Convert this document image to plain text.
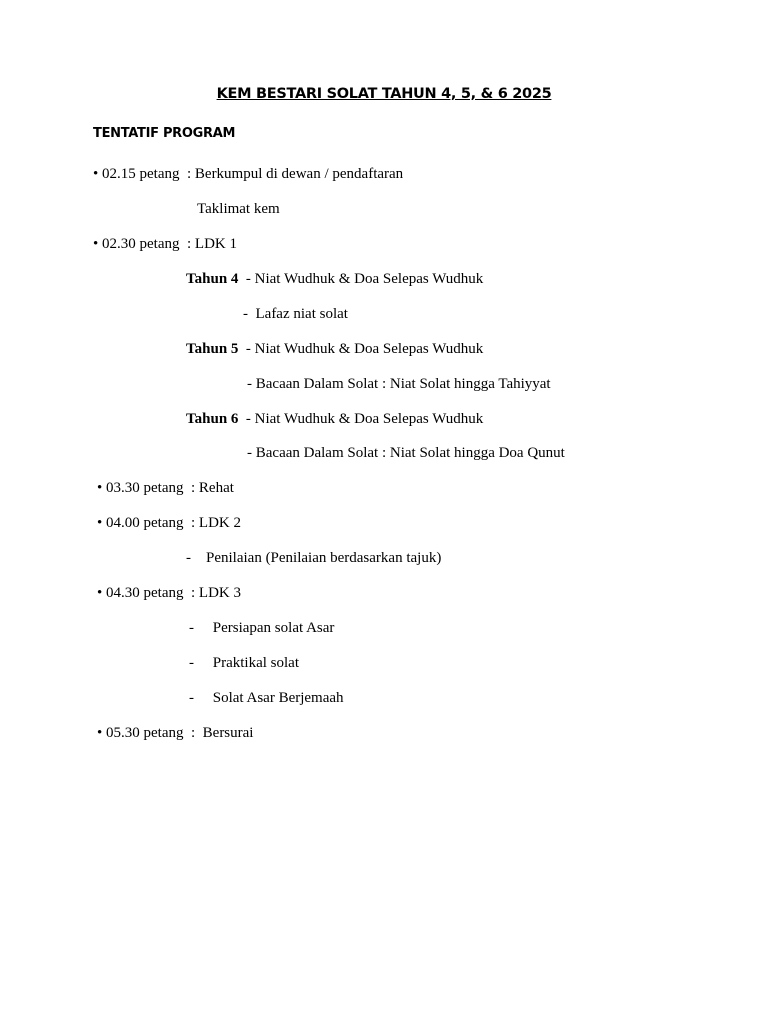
KEM BESTARI SOLAT TAHUN 4, 5, & 6 2025
TENTATIF PROGRAM
• 02.15 petang  : Berkumpul di dewan / pendaftaran
Taklimat kem
• 02.30 petang  : LDK 1
Tahun 4  - Niat Wudhuk & Doa Selepas Wudhuk
-  Lafaz niat solat
Tahun 5  - Niat Wudhuk & Doa Selepas Wudhuk
- Bacaan Dalam Solat : Niat Solat hingga Tahiyyat
Tahun 6  - Niat Wudhuk & Doa Selepas Wudhuk
- Bacaan Dalam Solat : Niat Solat hingga Doa Qunut
• 03.30 petang  : Rehat
• 04.00 petang  : LDK 2
-    Penilaian (Penilaian berdasarkan tajuk)
• 04.30 petang  : LDK 3
-     Persiapan solat Asar
-     Praktikal solat
-     Solat Asar Berjemaah
• 05.30 petang  :  Bersurai
